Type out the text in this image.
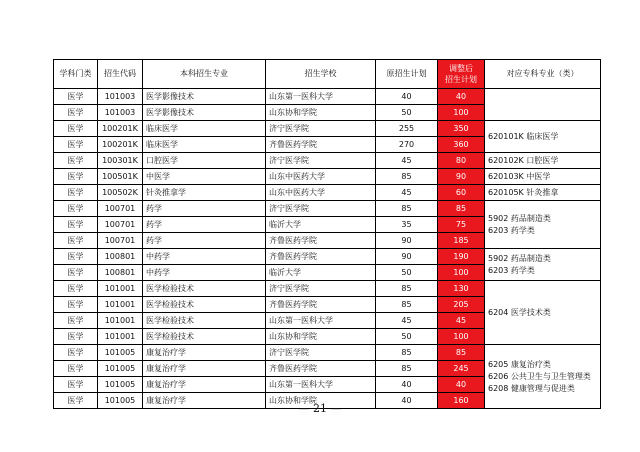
学科门类	招生代码	本科招生专业	招生学校	原招生计划	调整后
招生计划	对应专科专业（类）
医学	101003	医学影像技术	山东第一医科大学	40	40	
医学	101003	医学影像技术	山东协和学院	50	100	
医学	100201K	临床医学	济宁医学院	255	350	620101K 临床医学

医学	100201K	临床医学	齐鲁医药学院	270	360	
医学	100301K	口腔医学	济宁医学院	45	80	620102K 口腔医学

医学	100501K	中医学	山东中医药大学	85	90	620103K 中医学

医学	100502K	针灸推拿学	山东中医药大学	45	60	620105K 针灸推拿

医学	100701	药学	济宁医学院	85	85	5902 药品制造类
6203 药学类

医学	100701	药学	临沂大学	35	75	
医学	100701	药学	齐鲁医药学院	90	185	
医学	100801	中药学	齐鲁医药学院	90	190	5902 药品制造类
6203 药学类

医学	100801	中药学	临沂大学	50	100	
医学	101001	医学检验技术	济宁医学院	85	130	6204 医学技术类

医学	101001	医学检验技术	齐鲁医药学院	85	205	
医学	101001	医学检验技术	山东第一医科大学	45	45	
医学	101001	医学检验技术	山东协和学院	50	100	
医学	101005	康复治疗学	济宁医学院	85	85	6205 康复治疗类
6206 公共卫生与卫生管理类
6208 健康管理与促进类

医学	101005	康复治疗学	齐鲁医药学院	85	245	
医学	101005	康复治疗学	山东第一医科大学	40	40	
医学	101005	康复治疗学	山东协和学院	40	160	
— 21 —
